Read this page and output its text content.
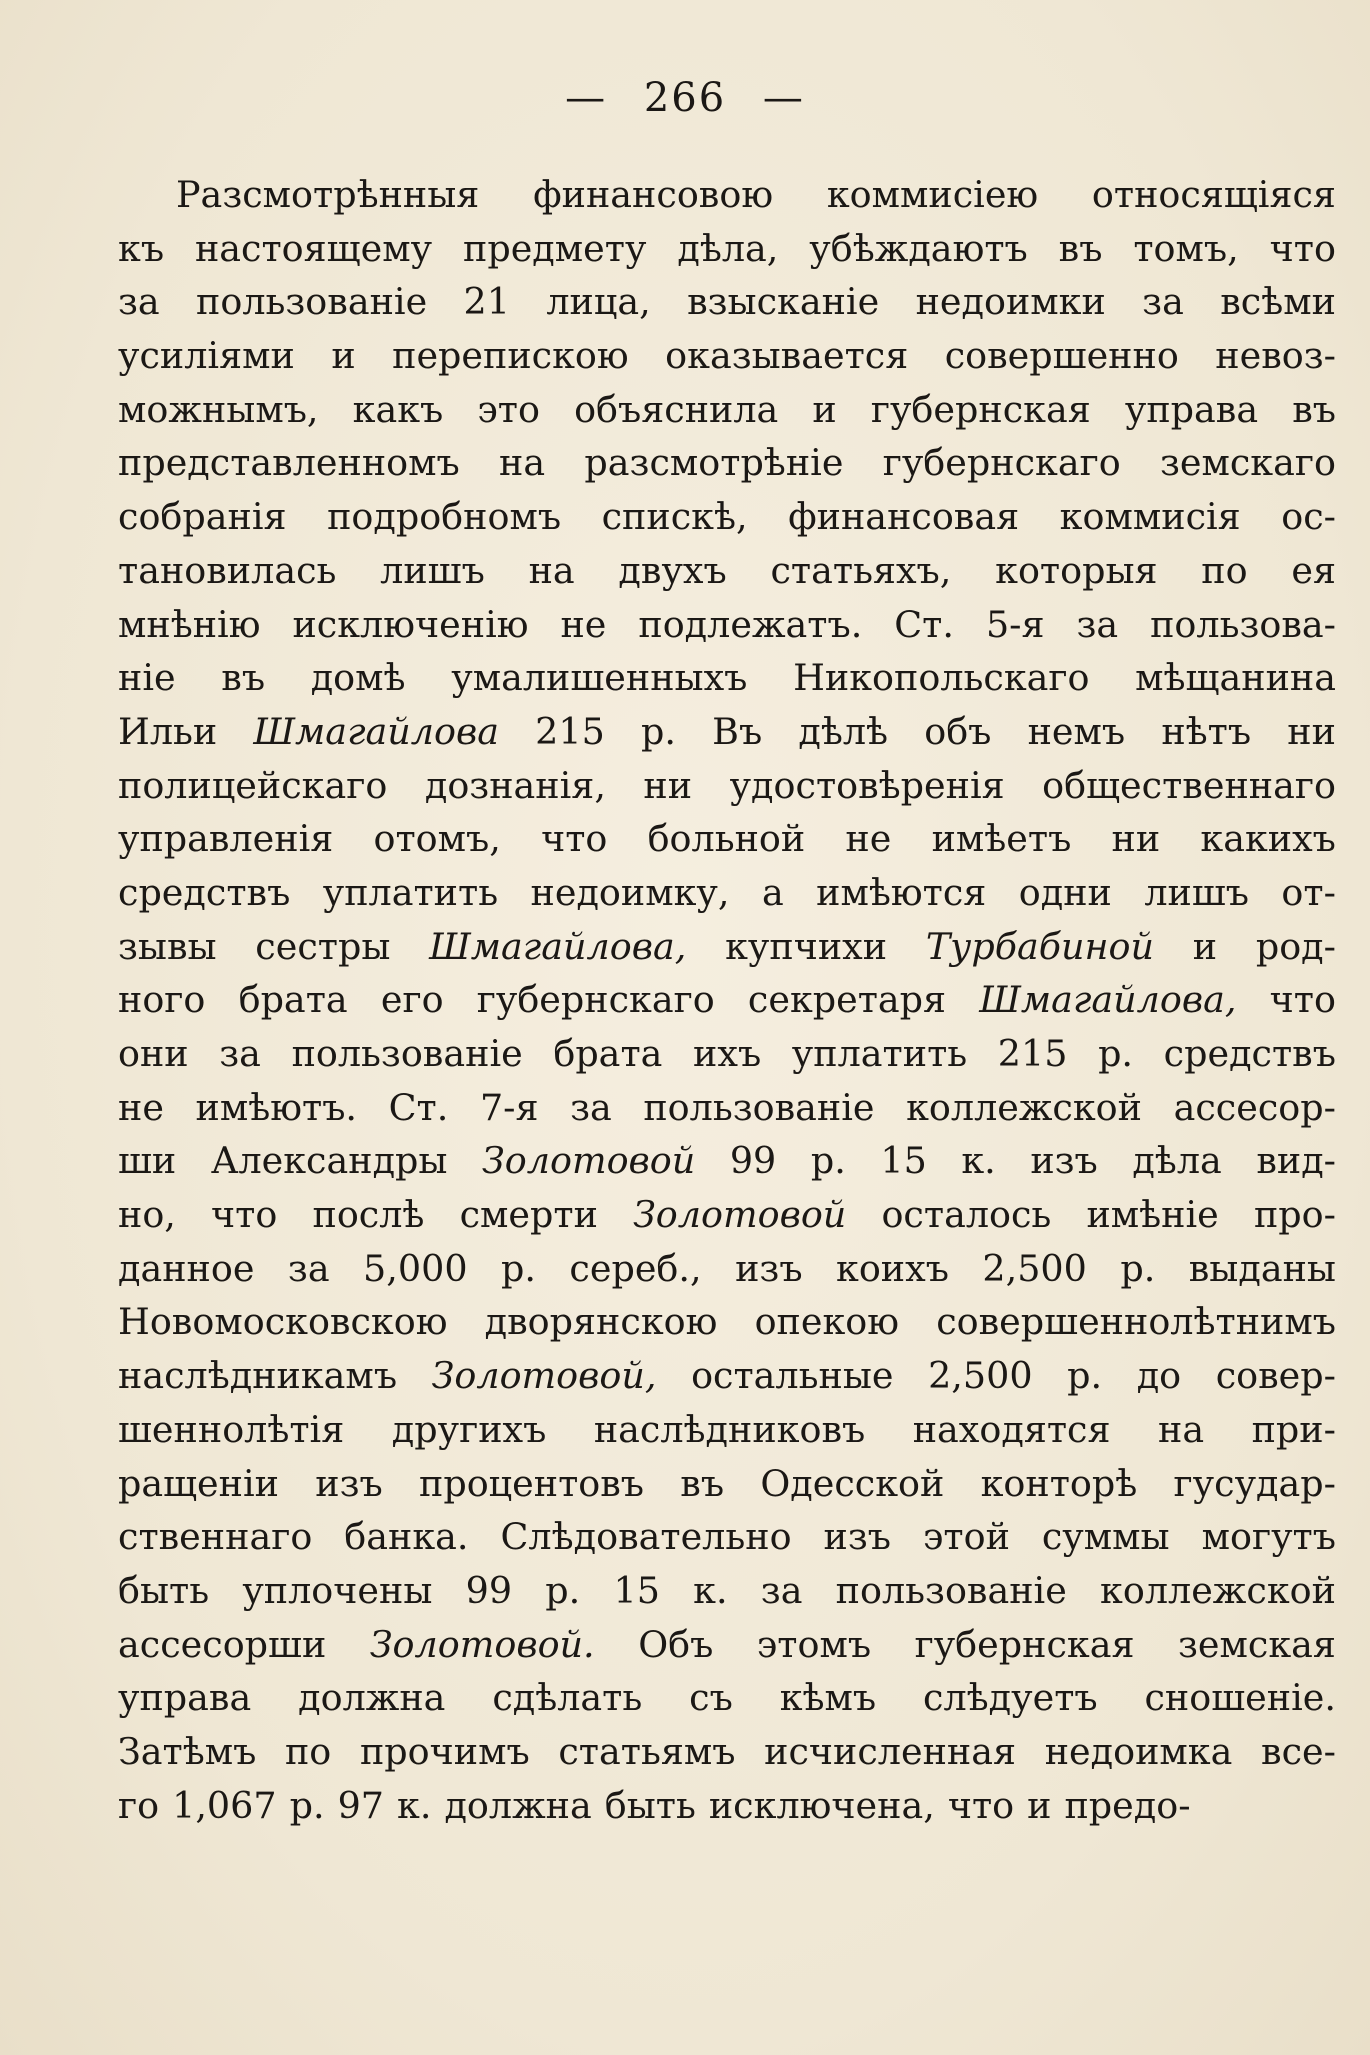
— 266 —
Разсмотрѣнныя финансовою коммисiею относящiяся
къ настоящему предмету дѣла, убѣждаютъ въ томъ, что
за пользованiе 21 лица, взысканiе недоимки за всѣми
усилiями и перепискою оказывается совершенно невоз-
можнымъ, какъ это объяснила и губернская управа въ
представленномъ на разсмотрѣнiе губернскаго земскаго
собранiя подробномъ спискѣ, финансовая коммисiя ос-
тановилась лишъ на двухъ статьяхъ, которыя по ея
мнѣнiю исключенiю не подлежатъ. Ст. 5-я за пользова-
нiе въ домѣ умалишенныхъ Никопольскаго мѣщанина
Ильи Шмагайлова 215 р. Въ дѣлѣ объ немъ нѣтъ ни
полицейскаго дознанiя, ни удостовѣренiя общественнаго
управленiя отомъ, что больной не имѣетъ ни какихъ
средствъ уплатить недоимку, а имѣются одни лишъ от-
зывы сестры Шмагайлова, купчихи Турбабиной и род-
ного брата его губернскаго секретаря Шмагайлова, что
они за пользованiе брата ихъ уплатить 215 р. средствъ
не имѣютъ. Ст. 7-я за пользованiе коллежской ассесор-
ши Александры Золотовой 99 р. 15 к. изъ дѣла вид-
но, что послѣ смерти Золотовой осталось имѣнiе про-
данное за 5,000 р. сереб., изъ коихъ 2,500 р. выданы
Новомосковскою дворянскою опекою совершеннолѣтнимъ
наслѣдникамъ Золотовой, остальные 2,500 р. до совер-
шеннолѣтiя другихъ наслѣдниковъ находятся на при-
ращенiи изъ процентовъ въ Одесской конторѣ гусудар-
ственнаго банка. Слѣдовательно изъ этой суммы могутъ
быть уплочены 99 р. 15 к. за пользованiе коллежской
ассесорши Золотовой. Объ этомъ губернская земская
управа должна сдѣлать съ кѣмъ слѣдуетъ сношенiе.
Затѣмъ по прочимъ статьямъ исчисленная недоимка все-
го 1,067 р. 97 к. должна быть исключена, что и предо-
